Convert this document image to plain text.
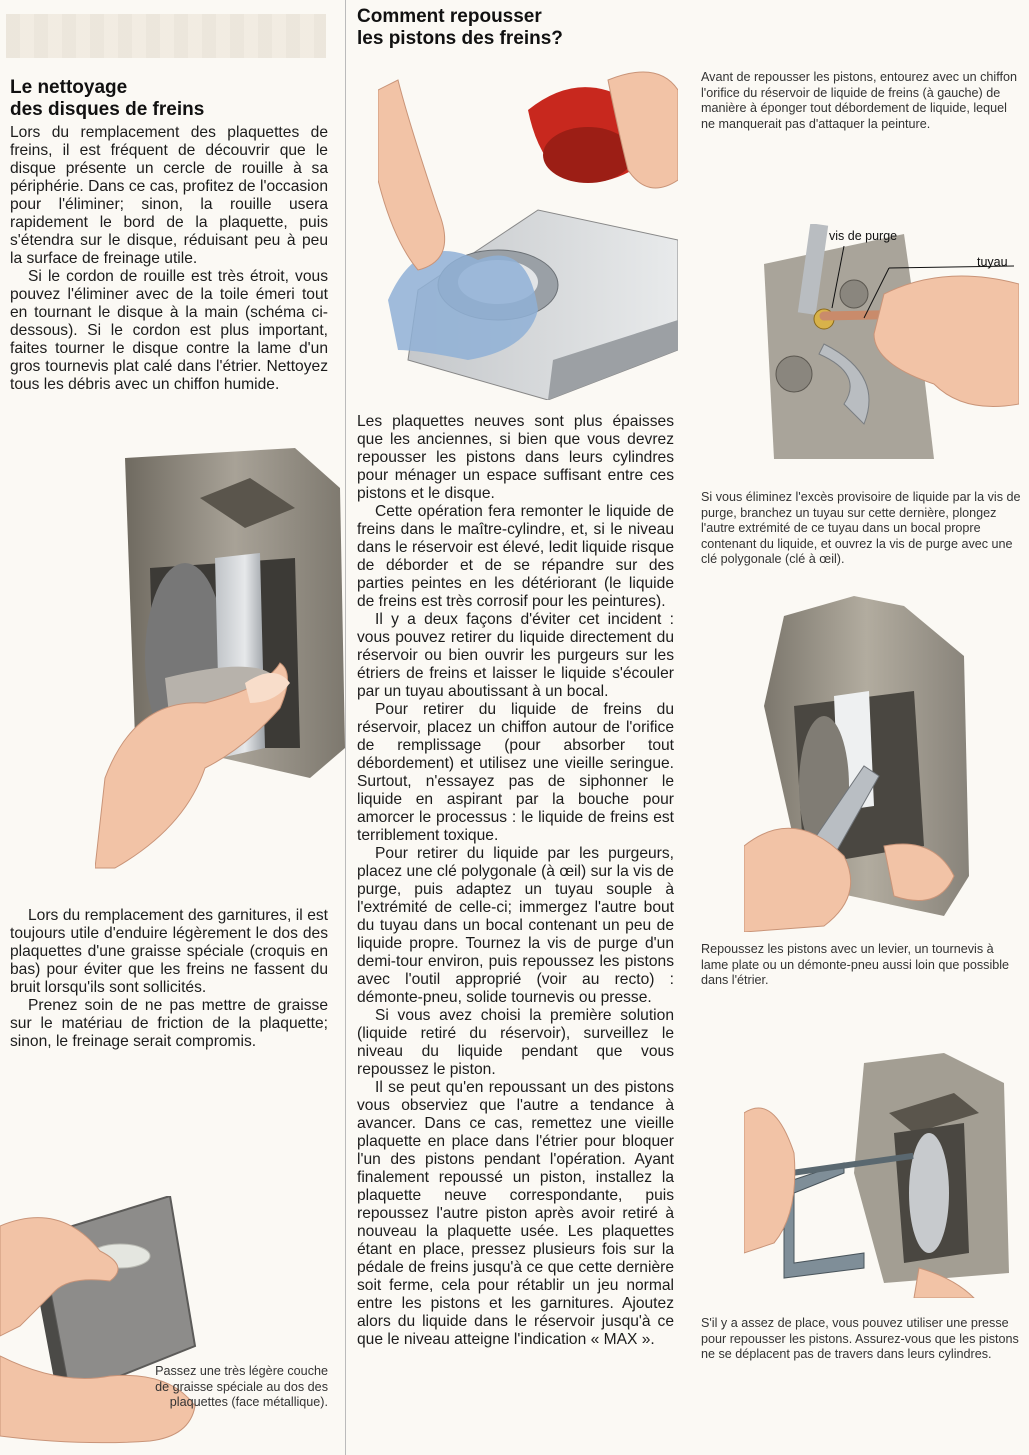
Le nettoyage
des disques de freins

Lors du remplacement des plaquettes de freins, il est fréquent de découvrir que le disque présente un cercle de rouille à sa périphérie. Dans ce cas, profitez de l'occasion pour l'éliminer; sinon, la rouille usera rapidement le bord de la plaquette, puis s'étendra sur le disque, réduisant peu à peu la surface de freinage utile.

Si le cordon de rouille est très étroit, vous pouvez l'éliminer avec de la toile émeri tout en tournant le disque à la main (schéma ci-dessous). Si le cordon est plus important, faites tourner le disque contre la lame d'un gros tournevis plat calé dans l'étrier. Nettoyez tous les débris avec un chiffon humide.

Lors du remplacement des garnitures, il est toujours utile d'enduire légèrement le dos des plaquettes d'une graisse spéciale (croquis en bas) pour éviter que les freins ne fassent du bruit lorsqu'ils sont sollicités.

Prenez soin de ne pas mettre de graisse sur le matériau de friction de la plaquette; sinon, le freinage serait compromis.

Passez une très légère couche de graisse spéciale au dos des plaquettes (face métallique).

Comment repousser
les pistons des freins?

Les plaquettes neuves sont plus épaisses que les anciennes, si bien que vous devrez repousser les pistons dans leurs cylindres pour ménager un espace suffisant entre ces pistons et le disque.

Cette opération fera remonter le liquide de freins dans le maître-cylindre, et, si le niveau dans le réservoir est élevé, ledit liquide risque de déborder et de se répandre sur des parties peintes en les détériorant (le liquide de freins est très corrosif pour les peintures).

Il y a deux façons d'éviter cet incident : vous pouvez retirer du liquide directement du réservoir ou bien ouvrir les purgeurs sur les étriers de freins et laisser le liquide s'écouler par un tuyau aboutissant à un bocal.

Pour retirer du liquide de freins du réservoir, placez un chiffon autour de l'orifice de remplissage (pour absorber tout débordement) et utilisez une vieille seringue. Surtout, n'essayez pas de siphonner le liquide en aspirant par la bouche pour amorcer le processus : le liquide de freins est terriblement toxique.

Pour retirer du liquide par les purgeurs, placez une clé polygonale (à œil) sur la vis de purge, puis adaptez un tuyau souple à l'extrémité de celle-ci; immergez l'autre bout du tuyau dans un bocal contenant un peu de liquide propre. Tournez la vis de purge d'un demi-tour environ, puis repoussez les pistons avec l'outil approprié (voir au recto) : démonte-pneu, solide tournevis ou presse.

Si vous avez choisi la première solution (liquide retiré du réservoir), surveillez le niveau du liquide pendant que vous repoussez le piston.

Il se peut qu'en repoussant un des pistons vous observiez que l'autre a tendance à avancer. Dans ce cas, remettez une vieille plaquette en place dans l'étrier pour bloquer l'un des pistons pendant l'opération. Ayant finalement repoussé un piston, installez la plaquette neuve correspondante, puis repoussez l'autre piston après avoir retiré à nouveau la plaquette usée. Les plaquettes étant en place, pressez plusieurs fois sur la pédale de freins jusqu'à ce que cette dernière soit ferme, cela pour rétablir un jeu normal entre les pistons et les garnitures. Ajoutez alors du liquide dans le réservoir jusqu'à ce que le niveau atteigne l'indication « MAX ».

Avant de repousser les pistons, entourez avec un chiffon l'orifice du réservoir de liquide de freins (à gauche) de manière à éponger tout débordement de liquide, lequel ne manquerait pas d'attaquer la peinture.

vis de purge
tuyau

Si vous éliminez l'excès provisoire de liquide par la vis de purge, branchez un tuyau sur cette dernière, plongez l'autre extrémité de ce tuyau dans un bocal propre contenant du liquide, et ouvrez la vis de purge avec une clé polygonale (clé à œil).

Repoussez les pistons avec un levier, un tournevis à lame plate ou un démonte-pneu aussi loin que possible dans l'étrier.

S'il y a assez de place, vous pouvez utiliser une presse pour repousser les pistons. Assurez-vous que les pistons ne se déplacent pas de travers dans leurs cylindres.
